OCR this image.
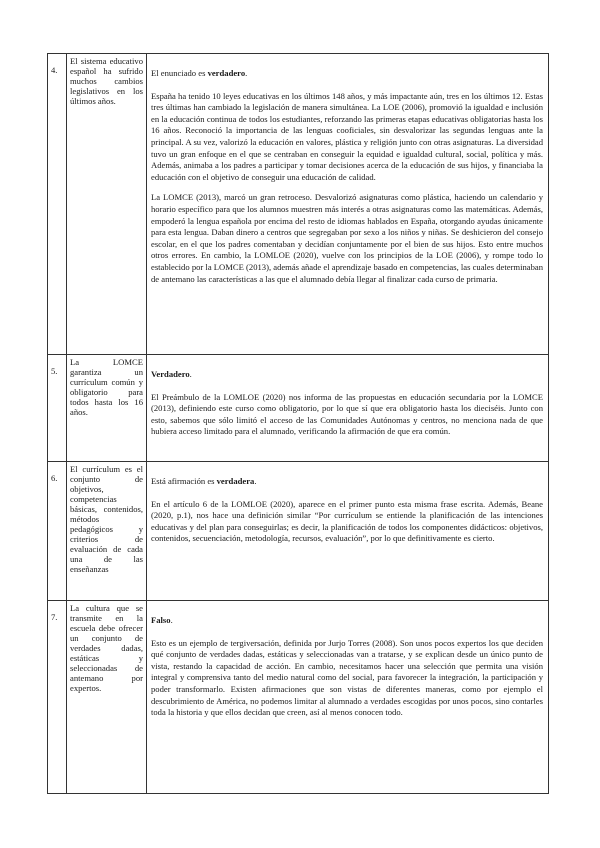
4.	El sistema educativo español ha sufrido muchos cambios legislativos en los últimos años.	El enunciado es verdadero.

España ha tenido 10 leyes educativas en los últimos 148 años, y más impactante aún, tres en los últimos 12. Estas tres últimas han cambiado la legislación de manera simultánea. La LOE (2006), promovió la igualdad e inclusión en la educación continua de todos los estudiantes, reforzando las primeras etapas educativas obligatorias hasta los 16 años. Reconoció la importancia de las lenguas cooficiales, sin desvalorizar las segundas lenguas ante la principal. A su vez, valorizó la educación en valores, plástica y religión junto con otras asignaturas. La diversidad tuvo un gran enfoque en el que se centraban en conseguir la equidad e igualdad cultural, social, política y más. Además, animaba a los padres a participar y tomar decisiones acerca de la educación de sus hijos, y financiaba la educación con el objetivo de conseguir una educación de calidad.

La LOMCE (2013), marcó un gran retroceso. Desvalorizó asignaturas como plástica, haciendo un calendario y horario específico para que los alumnos muestren más interés a otras asignaturas como las matemáticas. Además, empoderó la lengua española por encima del resto de idiomas hablados en España, otorgando ayudas únicamente para esta lengua. Daban dinero a centros que segregaban por sexo a los niños y niñas. Se deshicieron del consejo escolar, en el que los padres comentaban y decidían conjuntamente por el bien de sus hijos. Esto entre muchos otros errores. En cambio, la LOMLOE (2020), vuelve con los principios de la LOE (2006), y rompe todo lo establecido por la LOMCE (2013), además añade el aprendizaje basado en competencias, las cuales determinaban de antemano las características a las que el alumnado debía llegar al finalizar cada curso de primaria.

5.	La LOMCE garantiza un currículum común y obligatorio para todos hasta los 16 años.	Verdadero.

El Preámbulo de la LOMLOE (2020) nos informa de las propuestas en educación secundaria por la LOMCE (2013), definiendo este curso como obligatorio, por lo que sí que era obligatorio hasta los dieciséis. Junto con esto, sabemos que sólo limitó el acceso de las Comunidades Autónomas y centros, no menciona nada de que hubiera acceso limitado para el alumnado, verificando la afirmación de que era común.

6.	El currículum es el conjunto de objetivos, competencias básicas, contenidos, métodos pedagógicos y criterios de evaluación de cada una de las enseñanzas	Está afirmación es verdadera.

En el artículo 6 de la LOMLOE (2020), aparece en el primer punto esta misma frase escrita. Además, Beane (2020, p.1), nos hace una definición similar “Por currículum se entiende la planificación de las intenciones educativas y del plan para conseguirlas; es decir, la planificación de todos los componentes didácticos: objetivos, contenidos, secuenciación, metodología, recursos, evaluación”, por lo que definitivamente es cierto.

7.	La cultura que se transmite en la escuela debe ofrecer un conjunto de verdades dadas, estáticas y seleccionadas de antemano por expertos.	Falso.

Esto es un ejemplo de tergiversación, definida por Jurjo Torres (2008). Son unos pocos expertos los que deciden qué conjunto de verdades dadas, estáticas y seleccionadas van a tratarse, y se explican desde un único punto de vista, restando la capacidad de acción. En cambio, necesitamos hacer una selección que permita una visión integral y comprensiva tanto del medio natural como del social, para favorecer la integración, la participación y poder transformarlo. Existen afirmaciones que son vistas de diferentes maneras, como por ejemplo el descubrimiento de América, no podemos limitar al alumnado a verdades escogidas por unos pocos, sino contarles toda la historia y que ellos decidan que creen, así al menos conocen todo.
